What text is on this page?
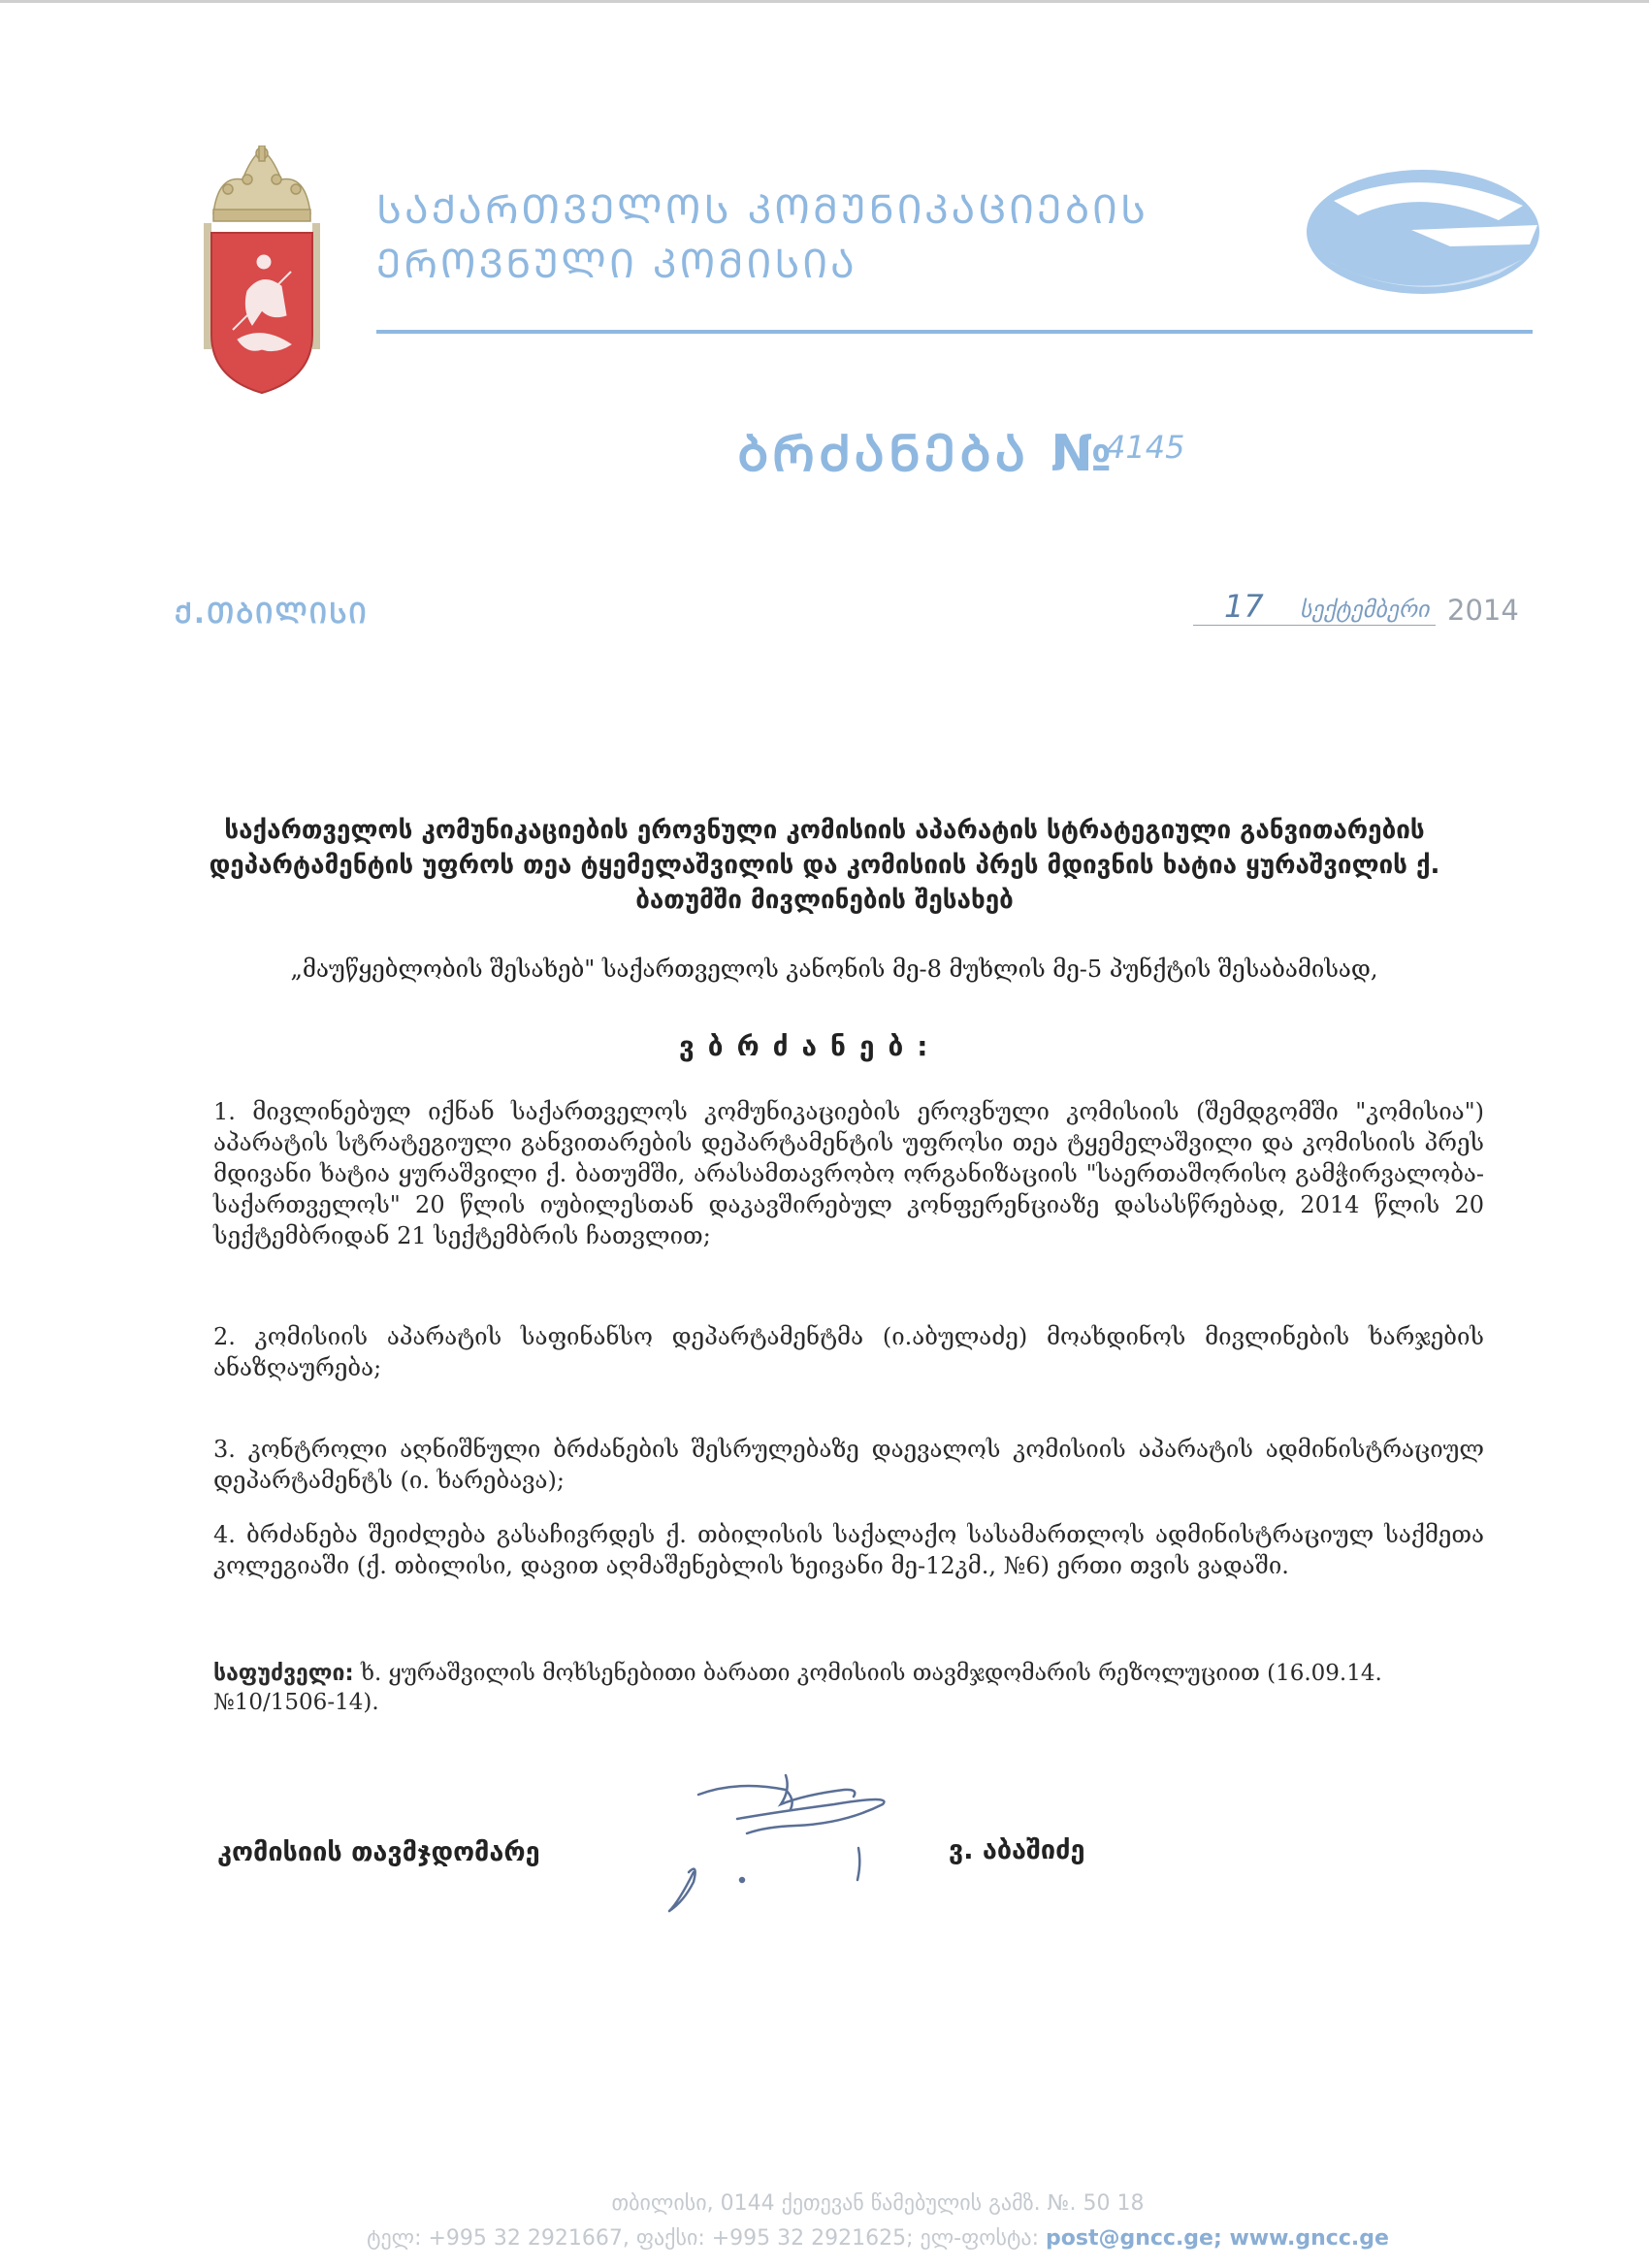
ᲡᲐᲥᲐᲠᲗᲕᲔᲚᲝᲡ ᲙᲝᲛᲣᲜᲘᲙᲐᲪᲘᲔᲑᲘᲡ
ᲔᲠᲝᲕᲜᲣᲚᲘ ᲙᲝᲛᲘᲡᲘᲐ
ᲑᲠᲫᲐᲜᲔᲑᲐ №
4145
Ქ.ᲗᲑᲘᲚᲘᲡᲘ	17 სექტემბერი 2014
საქართველოს კომუნიკაციების ეროვნული კომისიის აპარატის სტრატეგიული განვითარების დეპარტამენტის უფროს თეა ტყემელაშვილის და კომისიის პრეს მდივნის ხატია ყურაშვილის ქ. ბათუმში მივლინების შესახებ
„მაუწყებლობის შესახებ" საქართველოს კანონის მე-8 მუხლის მე-5 პუნქტის შესაბამისად,
ვბრძანებ:
1. მივლინებულ იქნან საქართველოს კომუნიკაციების ეროვნული კომისიის (შემდგომში "კომისია") აპარატის სტრატეგიული განვითარების დეპარტამენტის უფროსი თეა ტყემელაშვილი და კომისიის პრეს მდივანი ხატია ყურაშვილი ქ. ბათუმში, არასამთავრობო ორგანიზაციის "საერთაშორისო გამჭირვალობა-საქართველოს" 20 წლის იუბილესთან დაკავშირებულ კონფერენციაზე დასასწრებად, 2014 წლის 20 სექტემბრიდან 21 სექტემბრის ჩათვლით;
2. კომისიის აპარატის საფინანსო დეპარტამენტმა (ი.აბულაძე) მოახდინოს მივლინების ხარჯების ანაზღაურება;
3. კონტროლი აღნიშნული ბრძანების შესრულებაზე დაევალოს კომისიის აპარატის ადმინისტრაციულ დეპარტამენტს (ი. ხარებავა);
4. ბრძანება შეიძლება გასაჩივრდეს ქ. თბილისის საქალაქო სასამართლოს ადმინისტრაციულ საქმეთა კოლეგიაში (ქ. თბილისი, დავით აღმაშენებლის ხეივანი მე-12კმ., №6) ერთი თვის ვადაში.
საფუძველი: ხ. ყურაშვილის მოხსენებითი ბარათი კომისიის თავმჯდომარის რეზოლუციით (16.09.14. №10/1506-14).
კომისიის თავმჯდომარე	ვ. აბაშიძე
თბილისი, 0144 ქეთევან წამებულის გამზ. №. 50 18
ტელ: +995 32 2921667, ფაქსი: +995 32 2921625; ელ-ფოსტა: post@gncc.ge; www.gncc.ge
